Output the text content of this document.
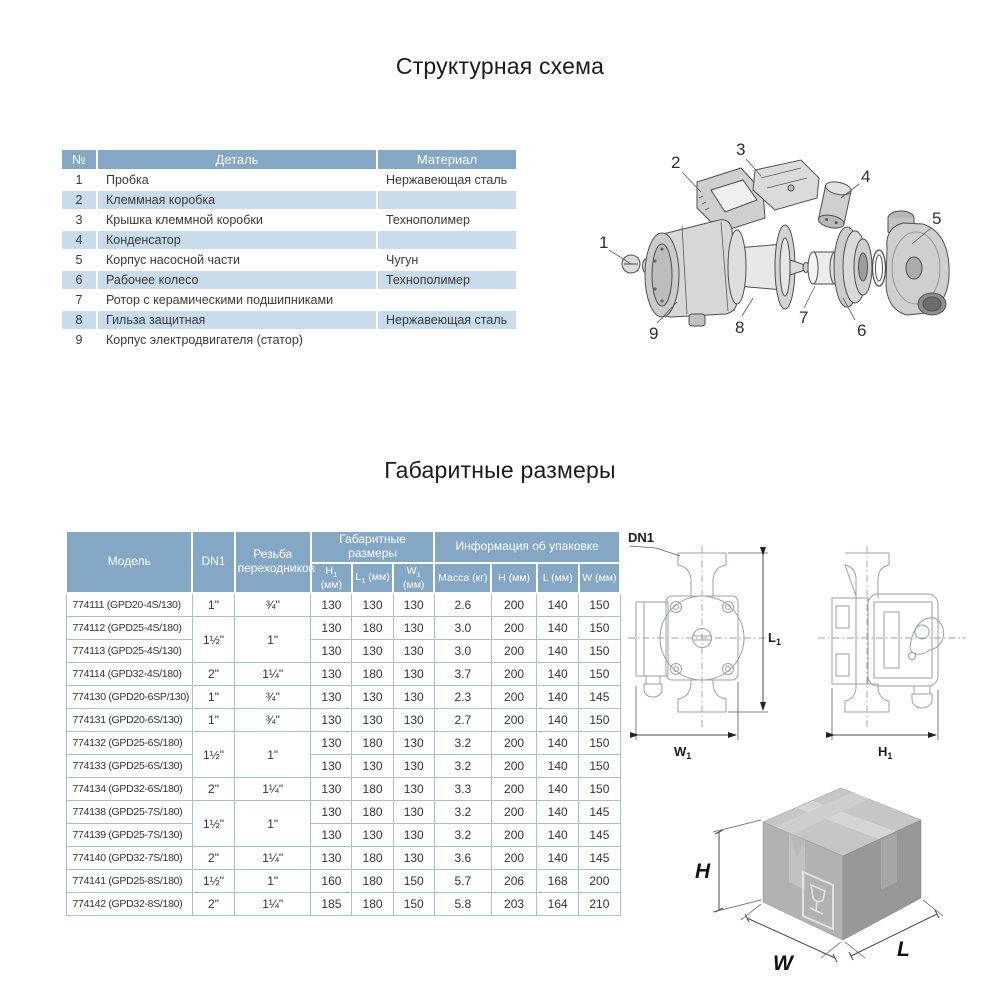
Структурная схема
№	Деталь	Материал
1	Пробка	Нержавеющая сталь
2	Клеммная коробка	
3	Крышка клеммной коробки	Технополимер
4	Конденсатор	
5	Корпус насосной части	Чугун
6	Рабочее колесо	Технополимер
7	Ротор с керамическими подшипниками	
8	Гильза защитная	Нержавеющая сталь
9	Корпус электродвигателя (статор)	
1
2
3
4
5
6
7
8
9
Габаритные размеры
Модель	DN1	Резьба переходников	Габаритные размеры			Информация об упаковке			
			$H_1$ (мм)	$L_1$ (мм)	$W_1$ (мм)	Масса (кг)	H (мм)	L (мм)	W (мм)
774111 (GPD20-4S/130)	1"	¾"	130	130	130	2.6	200	140	150
774112 (GPD25-4S/180)	1½"	1"	130	180	130	3.0	200	140	150
774113 (GPD25-4S/130)			130	130	130	3.0	200	140	150
774114 (GPD32-4S/180)	2"	1¼"	130	180	130	3.7	200	140	150
774130 (GPD20-6SP/130)	1"	¾"	130	130	130	2.3	200	140	145
774131 (GPD20-6S/130)	1"	¾"	130	130	130	2.7	200	140	150
774132 (GPD25-6S/180)	1½"	1"	130	180	130	3.2	200	140	150
774133 (GPD25-6S/130)			130	130	130	3.2	200	140	150
774134 (GPD32-6S/180)	2"	1¼"	130	180	130	3.3	200	140	150
774138 (GPD25-7S/180)	1½"	1"	130	180	130	3.2	200	140	145
774139 (GPD25-7S/130)			130	130	130	3.2	200	140	145
774140 (GPD32-7S/180)	2"	1¼"	130	180	130	3.6	200	140	145
774141 (GPD25-8S/180)	1½"	1"	160	180	150	5.7	206	168	200
774142 (GPD32-8S/180)	2"	1¼"	185	180	150	5.8	203	164	210
DN1
$L_1$
$W_1$	$H_1$
H
W
L
